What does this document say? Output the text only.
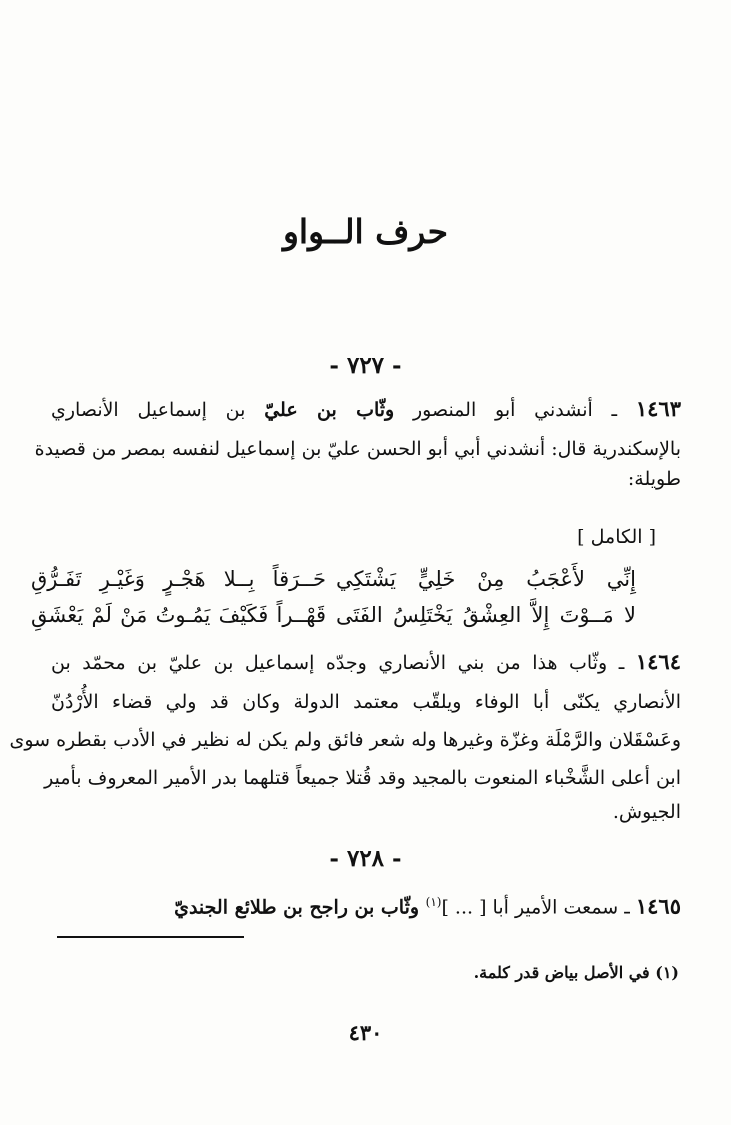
حرف الــواو
- ٧٢٧ -
١٤٦٣ ـ أنشدني أبو المنصور وثّاب بن عليّ بن إسماعيل الأنصاري
بالإسكندرية قال: أنشدني أبي أبو الحسن عليّ بن إسماعيل لنفسه بمصر من قصيدة
طويلة:
[ الكامل ]
إِنِّي لأَعْجَبُ مِنْ خَلِيٍّ يَشْتَكِي
حَــرَقاً بِــلا هَجْـرٍ وَغَيْـرِ تَفَـرُّقِ
لا مَــوْتَ إِلاَّ العِشْقُ يَخْتَلِسُ الفَتَى
قَهْــراً فَكَيْفَ يَمُـوتُ مَنْ لَمْ يَعْشَقِ
١٤٦٤ ـ وثّاب هذا من بني الأنصاري وجدّه إسماعيل بن عليّ بن محمّد بن
الأنصاري يكنّى أبا الوفاء ويلقّب معتمد الدولة وكان قد ولي قضاء الأُرْدُنّ
وعَسْقَلان والرَّمْلَة وغزّة وغيرها وله شعر فائق ولم يكن له نظير في الأدب بقطره سوى
ابن أعلى الشَّخْباء المنعوت بالمجيد وقد قُتلا جميعاً قتلهما بدر الأمير المعروف بأمير
الجيوش.
- ٧٢٨ -
١٤٦٥ ـ سمعت الأمير أبا [ ... ]$^{(١)}$ وثّاب بن راجح بن طلائع الجنديّ
(١) في الأصل بياض قدر كلمة.
٤٣٠
